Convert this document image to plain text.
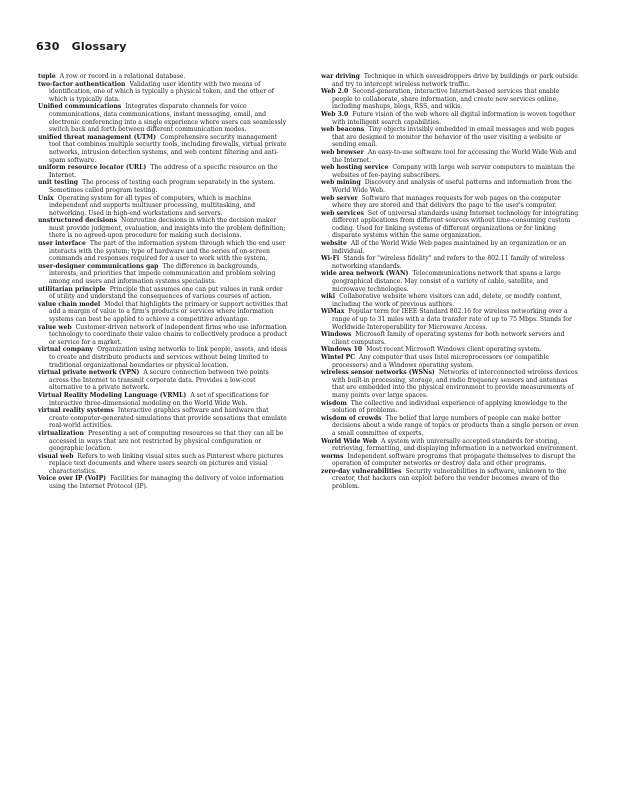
630 Glossary

tuple A row or record in a relational database.

two-factor authentication Validating user identity with two means of identification, one of which is typically a physical token, and the other of which is typically data.

Unified communications Integrates disparate channels for voice communications, data communications, instant messaging, email, and electronic conferencing into a single experience where users can seamlessly switch back and forth between different communication modes.

unified threat management (UTM) Comprehensive security management tool that combines multiple security tools, including firewalls, virtual private networks, intrusion detection systems, and web content filtering and anti-spam software.

uniform resource locator (URL) The address of a specific resource on the Internet.

unit testing The process of testing each program separately in the system. Sometimes called program testing.

Unix Operating system for all types of computers, which is machine independent and supports multiuser processing, multitasking, and networking. Used in high-end workstations and servers.

unstructured decisions Nonroutine decisions in which the decision maker must provide judgment, evaluation, and insights into the problem definition; there is no agreed-upon procedure for making such decisions.

user interface The part of the information system through which the end user interacts with the system; type of hardware and the series of on-screen commands and responses required for a user to work with the system.

user-designer communications gap The difference in backgrounds, interests, and priorities that impede communication and problem solving among end users and information systems specialists.

utilitarian principle Principle that assumes one can put values in rank order of utility and understand the consequences of various courses of action.

value chain model Model that highlights the primary or support activities that add a margin of value to a firm's products or services where information systems can best be applied to achieve a competitive advantage.

value web Customer-driven network of independent firms who use information technology to coordinate their value chains to collectively produce a product or service for a market.

virtual company Organization using networks to link people, assets, and ideas to create and distribute products and services without being limited to traditional organizational boundaries or physical location.

virtual private network (VPN) A secure connection between two points across the Internet to transmit corporate data. Provides a low-cost alternative to a private network.

Virtual Reality Modeling Language (VRML) A set of specifications for interactive three-dimensional modeling on the World Wide Web.

virtual reality systems Interactive graphics software and hardware that create computer-generated simulations that provide sensations that emulate real-world activities.

virtualization Presenting a set of computing resources so that they can all be accessed in ways that are not restricted by physical configuration or geographic location.

visual web Refers to web linking visual sites such as Pinterest where pictures replace text documents and where users search on pictures and visual characteristics.

Voice over IP (VoIP) Facilities for managing the delivery of voice information using the Internet Protocol (IP).

war driving Technique in which eavesdroppers drive by buildings or park outside and try to intercept wireless network traffic.

Web 2.0 Second-generation, interactive Internet-based services that enable people to collaborate, share information, and create new services online, including mashups, blogs, RSS, and wikis.

Web 3.0 Future vision of the web where all digital information is woven together with intelligent search capabilities.

web beacons Tiny objects invisibly embedded in email messages and web pages that are designed to monitor the behavior of the user visiting a website or sending email.

web browser An easy-to-use software tool for accessing the World Wide Web and the Internet.

web hosting service Company with large web server computers to maintain the websites of fee-paying subscribers.

web mining Discovery and analysis of useful patterns and information from the World Wide Web.

web server Software that manages requests for web pages on the computer where they are stored and that delivers the page to the user's computer.

web services Set of universal standards using Internet technology for integrating different applications from different sources without time-consuming custom coding. Used for linking systems of different organizations or for linking disparate systems within the same organization.

website All of the World Wide Web pages maintained by an organization or an individual.

Wi-Fi Stands for "wireless fidelity" and refers to the 802.11 family of wireless networking standards.

wide area network (WAN) Telecommunications network that spans a large geographical distance. May consist of a variety of cable, satellite, and microwave technologies.

wiki Collaborative website where visitors can add, delete, or modify content, including the work of previous authors.

WiMax Popular term for IEEE Standard 802.16 for wireless networking over a range of up to 31 miles with a data transfer rate of up to 75 Mbps. Stands for Worldwide Interoperability for Microwave Access.

Windows Microsoft family of operating systems for both network servers and client computers.

Windows 10 Most recent Microsoft Windows client operating system.

Wintel PC Any computer that uses Intel microprocessors (or compatible processors) and a Windows operating system.

wireless sensor networks (WSNs) Networks of interconnected wireless devices with built-in processing, storage, and radio frequency sensors and antennas that are embedded into the physical environment to provide measurements of many points over large spaces.

wisdom The collective and individual experience of applying knowledge to the solution of problems.

wisdom of crowds The belief that large numbers of people can make better decisions about a wide range of topics or products than a single person or even a small committee of experts.

World Wide Web A system with universally accepted standards for storing, retrieving, formatting, and displaying information in a networked environment.

worms Independent software programs that propagate themselves to disrupt the operation of computer networks or destroy data and other programs.

zero-day vulnerabilities Security vulnerabilities in software, unknown to the creator, that hackers can exploit before the vendor becomes aware of the problem.
